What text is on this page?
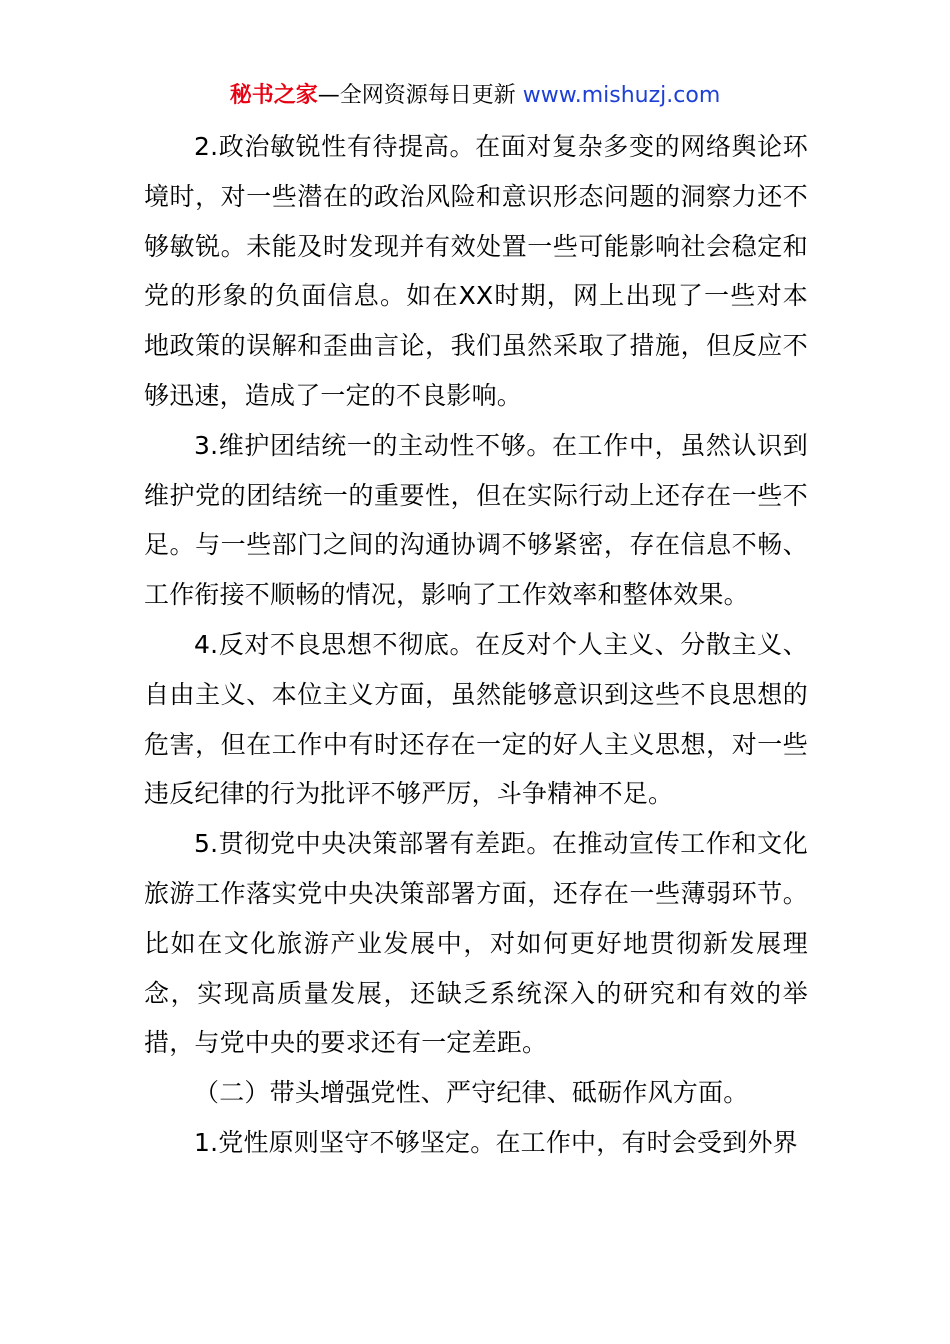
秘书之家—全网资源每日更新 www.mishuzj.com

2.政治敏锐性有待提高。在面对复杂多变的网络舆论环境时，对一些潜在的政治风险和意识形态问题的洞察力还不够敏锐。未能及时发现并有效处置一些可能影响社会稳定和党的形象的负面信息。如在XX时期，网上出现了一些对本地政策的误解和歪曲言论，我们虽然采取了措施，但反应不够迅速，造成了一定的不良影响。

3.维护团结统一的主动性不够。在工作中，虽然认识到维护党的团结统一的重要性，但在实际行动上还存在一些不足。与一些部门之间的沟通协调不够紧密，存在信息不畅、工作衔接不顺畅的情况，影响了工作效率和整体效果。

4.反对不良思想不彻底。在反对个人主义、分散主义、自由主义、本位主义方面，虽然能够意识到这些不良思想的危害，但在工作中有时还存在一定的好人主义思想，对一些违反纪律的行为批评不够严厉，斗争精神不足。

5.贯彻党中央决策部署有差距。在推动宣传工作和文化旅游工作落实党中央决策部署方面，还存在一些薄弱环节。比如在文化旅游产业发展中，对如何更好地贯彻新发展理念，实现高质量发展，还缺乏系统深入的研究和有效的举措，与党中央的要求还有一定差距。

（二）带头增强党性、严守纪律、砥砺作风方面。

1.党性原则坚守不够坚定。在工作中，有时会受到外界
